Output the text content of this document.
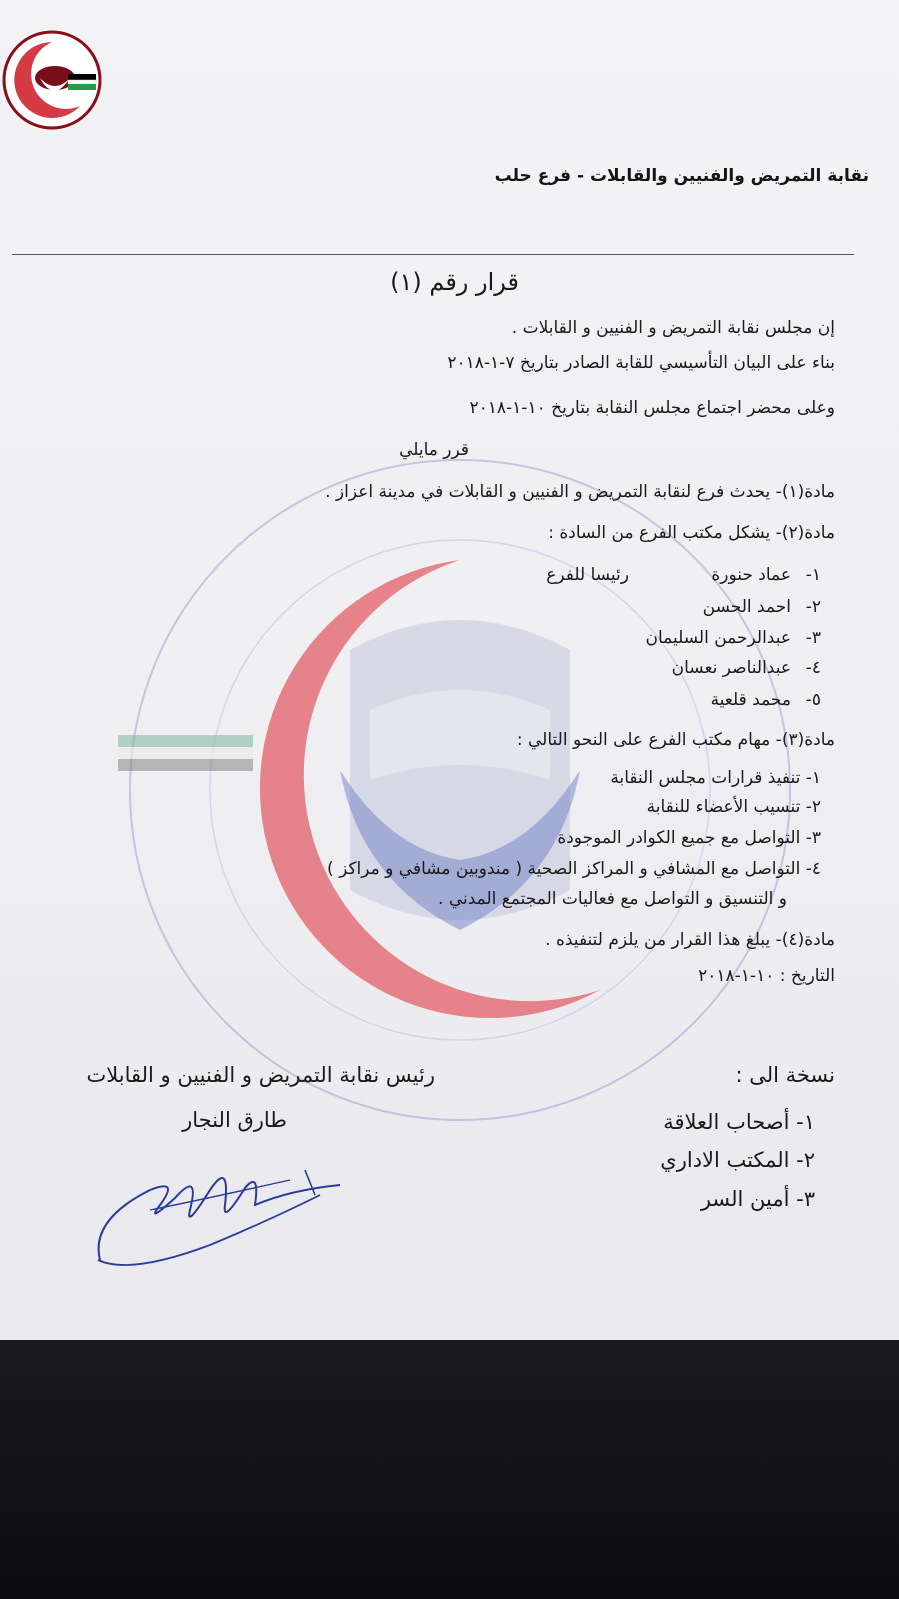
نقابة التمريض والفنيين والقابلات - فرع حلب
قرار رقم (١)
إن مجلس نقابة التمريض و الفنيين و القابلات .
بناء على البيان التأسيسي للقابة الصادر بتاريخ ٧-١-٢٠١٨
وعلى محضر اجتماع مجلس النقابة بتاريخ ١٠-١-٢٠١٨
قرر مايلي
مادة(١)- يحدث فرع لنقابة التمريض و الفنيين و القابلات في مدينة اعزاز .
مادة(٢)- يشكل مكتب الفرع من السادة :
١-
عماد حنورة
رئيسا للفرع
٢-
احمد الحسن
٣-
عبدالرحمن السليمان
٤-
عبدالناصر نعسان
٥-
محمد قلعية
مادة(٣)- مهام مكتب الفرع على النحو التالي :
١- تنفيذ قرارات مجلس النقابة
٢- تنسيب الأعضاء للنقابة
٣- التواصل مع جميع الكوادر الموجودة
٤- التواصل مع المشافي و المراكز الصحية ( مندوبين مشافي و مراكز )
و التنسيق و التواصل مع فعاليات المجتمع المدني .
مادة(٤)- يبلغ هذا القرار من يلزم لتنفيذه .
التاريخ : ١٠-١-٢٠١٨
نسخة الى :
١- أصحاب العلاقة
٢- المكتب الاداري
٣- أمين السر
رئيس نقابة التمريض و الفنيين و القابلات
طارق النجار
